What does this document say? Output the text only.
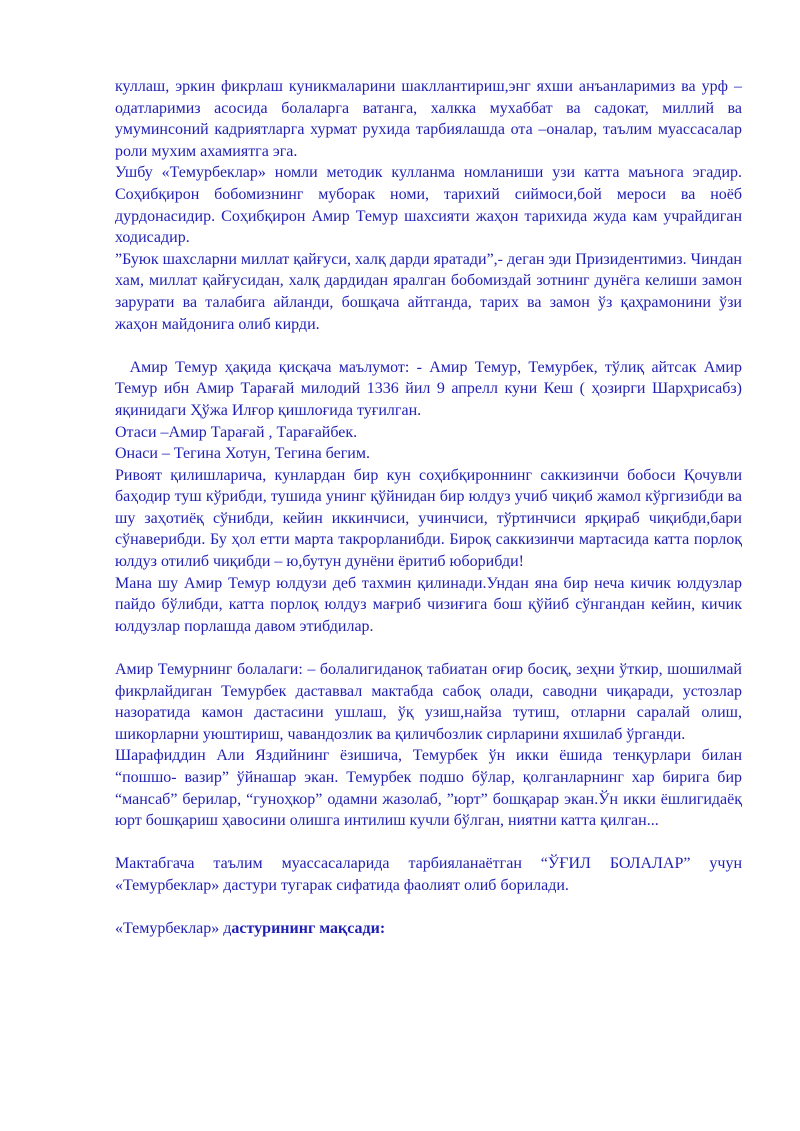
куллаш, эркин фикрлаш куникмаларини шакллантириш,энг яхши анъанларимиз ва урф –одатларимиз асосида болаларга ватанга, халкка мухаббат ва садокат, миллий ва умуминсоний кадриятларга хурмат рухида тарбиялашда ота –оналар, таълим муассасалар роли мухим ахамиятга эга.

Ушбу «Темурбеклар» номли методик кулланма номланиши узи катта маънога эгадир. Соҳибқирон бобомизнинг муборак номи, тарихий сиймоси,бой мероси ва ноёб дурдонасидир. Соҳибқирон Амир Темур шахсияти жаҳон тарихида жуда кам учрайдиган ходисадир.

”Буюк шахсларни миллат қайғуси, халқ дарди яратади”,- деган эди Призидентимиз. Чиндан хам, миллат қайғусидан, халқ дардидан яралган бобомиздай зотнинг дунёга келиши замон зарурати ва талабига айланди, бошқача айтганда, тарих ва замон ўз қаҳрамонини ўзи жаҳон майдонига олиб кирди.

Амир Темур ҳақида қисқача маълумот: - Амир Темур, Темурбек, тўлиқ айтсак Амир Темур ибн Амир Тарағай милодий 1336 йил 9 апрелл куни Кеш ( ҳозирги Шарҳрисабз) яқинидаги Ҳўжа Илғор қишлоғида туғилган.

Отаси –Амир Тарағай , Тарағайбек.

Онаси – Тегина Хотун, Тегина бегим.

Ривоят қилишларича, кунлардан бир кун соҳибқироннинг саккизинчи бобоси Қочувли баҳодир туш кўрибди, тушида унинг қўйнидан бир юлдуз учиб чиқиб жамол кўргизибди ва шу заҳотиёқ сўнибди, кейин иккинчиси, учинчиси, тўртинчиси ярқираб чиқибди,бари сўнаверибди. Бу ҳол етти марта такрорланибди. Бироқ саккизинчи мартасида катта порлоқ юлдуз отилиб чиқибди – ю,бутун дунёни ёритиб юборибди!

Мана шу Амир Темур юлдузи деб тахмин қилинади.Ундан яна бир неча кичик юлдузлар пайдо бўлибди, катта порлоқ юлдуз мағриб чизиғига бош қўйиб сўнгандан кейин, кичик юлдузлар порлашда давом этибдилар.

Амир Темурнинг болалаги: – болалигиданоқ табиатан оғир босиқ, зеҳни ўткир, шошилмай фикрлайдиган Темурбек даставвал мактабда сабоқ олади, саводни чиқаради, устозлар назоратида камон дастасини ушлаш, ўқ узиш,найза тутиш, отларни саралай олиш, шикорларни уюштириш, чавандозлик ва қиличбозлик сирларини яхшилаб ўрганди.

Шарафиддин Али Яздийнинг ёзишича, Темурбек ўн икки ёшида тенқурлари билан “пошшо- вазир” ўйнашар экан. Темурбек подшо бўлар, қолганларнинг хар бирига бир “мансаб” берилар, “гуноҳкор” одамни жазолаб, ”юрт” бошқарар экан.Ўн икки ёшлигидаёқ юрт бошқариш ҳавосини олишга интилиш кучли бўлган, ниятни катта қилган...

Мактабгача таълим муассасаларида тарбияланаётган “ЎҒИЛ БОЛАЛАР” учун «Темурбеклар» дастури тугарак сифатида фаолият олиб борилади.

«Темурбеклар» дастурининг мақсади:
